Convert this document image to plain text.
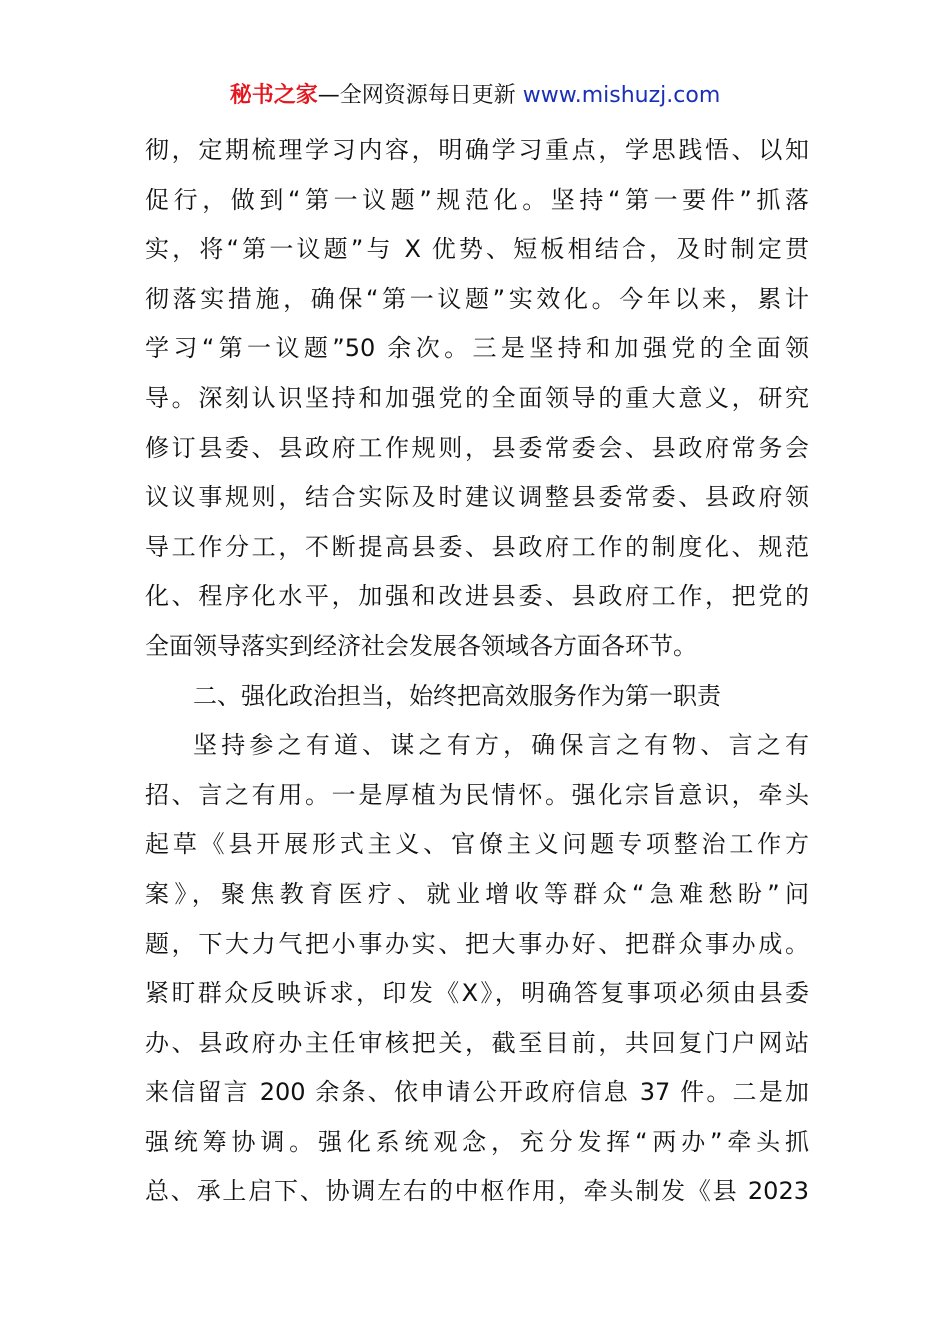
秘书之家—全网资源每日更新 www.mishuzj.com
彻，定期梳理学习内容，明确学习重点，学思践悟、以知
促行，做到“第一议题”规范化。坚持“第一要件”抓落
实，将“第一议题”与 X 优势、短板相结合，及时制定贯
彻落实措施，确保“第一议题”实效化。今年以来，累计
学习“第一议题”50 余次。三是坚持和加强党的全面领
导。深刻认识坚持和加强党的全面领导的重大意义，研究
修订县委、县政府工作规则，县委常委会、县政府常务会
议议事规则，结合实际及时建议调整县委常委、县政府领
导工作分工，不断提高县委、县政府工作的制度化、规范
化、程序化水平，加强和改进县委、县政府工作，把党的
全面领导落实到经济社会发展各领域各方面各环节。
二、强化政治担当，始终把高效服务作为第一职责
坚持参之有道、谋之有方，确保言之有物、言之有
招、言之有用。一是厚植为民情怀。强化宗旨意识，牵头
起草《县开展形式主义、官僚主义问题专项整治工作方
案》，聚焦教育医疗、就业增收等群众“急难愁盼”问
题，下大力气把小事办实、把大事办好、把群众事办成。
紧盯群众反映诉求，印发《X》，明确答复事项必须由县委
办、县政府办主任审核把关，截至目前，共回复门户网站
来信留言 200 余条、依申请公开政府信息 37 件。二是加
强统筹协调。强化系统观念，充分发挥“两办”牵头抓
总、承上启下、协调左右的中枢作用，牵头制发《县 2023
